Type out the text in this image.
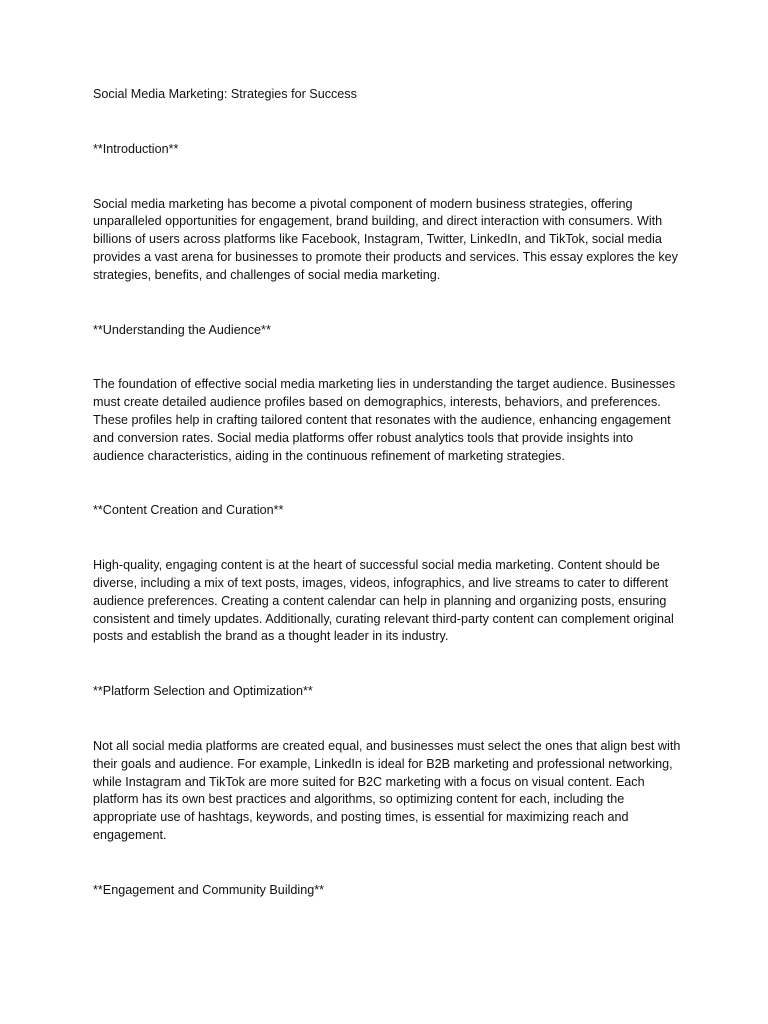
Social Media Marketing: Strategies for Success

**Introduction**

Social media marketing has become a pivotal component of modern business strategies, offering unparalleled opportunities for engagement, brand building, and direct interaction with consumers. With billions of users across platforms like Facebook, Instagram, Twitter, LinkedIn, and TikTok, social media provides a vast arena for businesses to promote their products and services. This essay explores the key strategies, benefits, and challenges of social media marketing.

**Understanding the Audience**

The foundation of effective social media marketing lies in understanding the target audience. Businesses must create detailed audience profiles based on demographics, interests, behaviors, and preferences. These profiles help in crafting tailored content that resonates with the audience, enhancing engagement and conversion rates. Social media platforms offer robust analytics tools that provide insights into audience characteristics, aiding in the continuous refinement of marketing strategies.

**Content Creation and Curation**

High-quality, engaging content is at the heart of successful social media marketing. Content should be diverse, including a mix of text posts, images, videos, infographics, and live streams to cater to different audience preferences. Creating a content calendar can help in planning and organizing posts, ensuring consistent and timely updates. Additionally, curating relevant third-party content can complement original posts and establish the brand as a thought leader in its industry.

**Platform Selection and Optimization**

Not all social media platforms are created equal, and businesses must select the ones that align best with their goals and audience. For example, LinkedIn is ideal for B2B marketing and professional networking, while Instagram and TikTok are more suited for B2C marketing with a focus on visual content. Each platform has its own best practices and algorithms, so optimizing content for each, including the appropriate use of hashtags, keywords, and posting times, is essential for maximizing reach and engagement.

**Engagement and Community Building**
